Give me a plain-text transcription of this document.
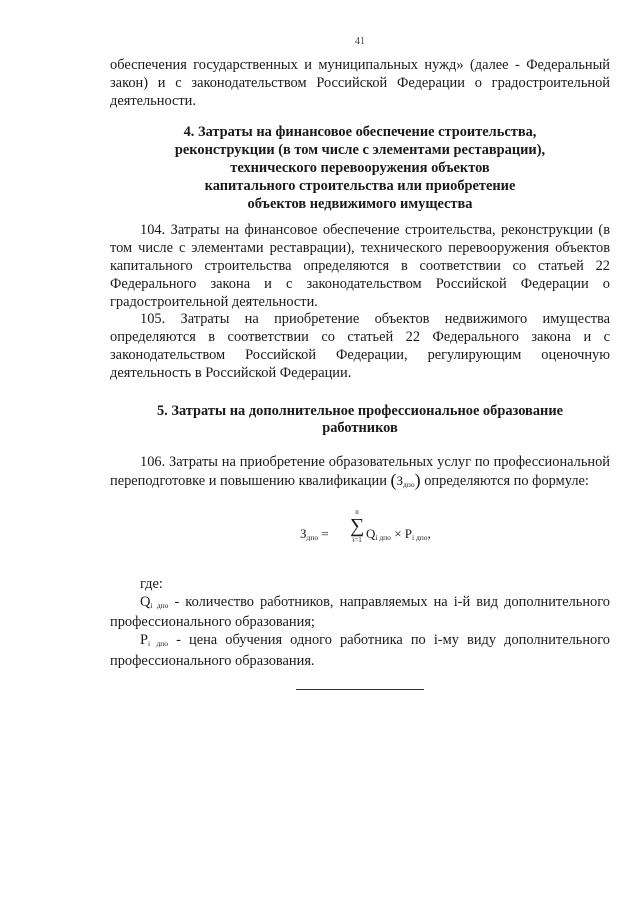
41

обеспечения государственных и муниципальных нужд» (далее - Федеральный закон) и с законодательством Российской Федерации о градостроительной деятельности.

4. Затраты на финансовое обеспечение строительства,
реконструкции (в том числе с элементами реставрации),
технического перевооружения объектов
капитального строительства или приобретение
объектов недвижимого имущества

104. Затраты на финансовое обеспечение строительства, реконструкции (в том числе с элементами реставрации), технического перевооружения объектов капитального строительства определяются в соответствии со статьей 22 Федерального закона и с законодательством Российской Федерации о градостроительной деятельности.

105. Затраты на приобретение объектов недвижимого имущества определяются в соответствии со статьей 22 Федерального закона и с законодательством Российской Федерации, регулирующим оценочную деятельность в Российской Федерации.

5. Затраты на дополнительное профессиональное образование
работников

106. Затраты на приобретение образовательных услуг по профессиональной переподготовке и повышению квалификации $(З_{дпо})$ определяются по формуле:

$З_{дпо}$ =
n
∑
i=1 $Q_{i дпо} \times P_{i дпо}$,

где:

$Q_{i дпо}$ - количество работников, направляемых на i-й вид дополнительного профессионального образования;

$P_{i дпо}$ - цена обучения одного работника по i-му виду дополнительного профессионального образования.
